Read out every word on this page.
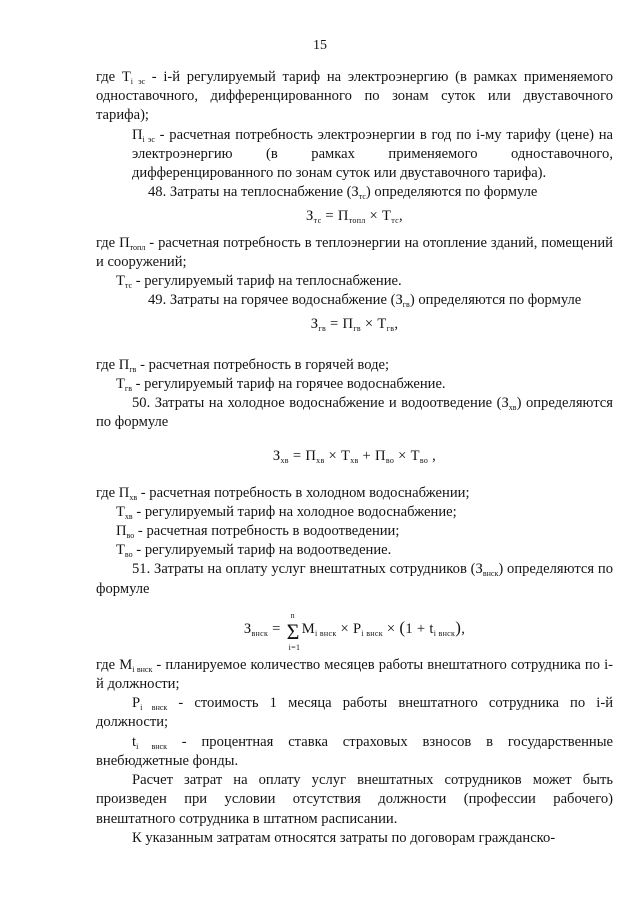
15

где $T_{i эс} - i-й$ регулируемый тариф на электроэнергию (в рамках применяемого одноставочного, дифференцированного по зонам суток или двуставочного тарифа);

$П_{i эс}$ - расчетная потребность электроэнергии в год по i-му тарифу (цене) на электроэнергию (в рамках применяемого одноставочного, дифференцированного по зонам суток или двуставочного тарифа).

48. Затраты на теплоснабжение $(З_{тс})$ определяются по формуле

$З_{тс} = П_{топл} \times Т_{тс}$,

где $П_{топл}$ - расчетная потребность в теплоэнергии на отопление зданий, помещений и сооружений;

$Т_{тс}$ - регулируемый тариф на теплоснабжение.

49. Затраты на горячее водоснабжение $(З_{гв})$ определяются по формуле

$З_{гв} = П_{гв} \times Т_{гв}$,

где $П_{гв}$ - расчетная потребность в горячей воде;

$Т_{гв}$ - регулируемый тариф на горячее водоснабжение.

50. Затраты на холодное водоснабжение и водоотведение $(З_{хв})$ определяются по формуле

$З_{хв} = П_{хв} \times Т_{хв} + П_{во} \times Т_{во}$ ,

где $П_{хв}$ - расчетная потребность в холодном водоснабжении;

$Т_{хв}$ - регулируемый тариф на холодное водоснабжение;

$П_{во}$ - расчетная потребность в водоотведении;

$Т_{во}$ - регулируемый тариф на водоотведение.

51. Затраты на оплату услуг внештатных сотрудников $(З_{внск})$ определяются по формуле

$З_{внск}$ =
n
Σ
i=1
$M_{i внск} \times P_{i внск} \times (1 + t_{i внск})$,

где $M_{i внск}$ - планируемое количество месяцев работы внештатного сотрудника по i-й должности;

$P_{i внск}$ - стоимость 1 месяца работы внештатного сотрудника по i-й должности;

$t_{i внск}$ - процентная ставка страховых взносов в государственные внебюджетные фонды.

Расчет затрат на оплату услуг внештатных сотрудников может быть произведен при условии отсутствия должности (профессии рабочего) внештатного сотрудника в штатном расписании.

К указанным затратам относятся затраты по договорам гражданско-
